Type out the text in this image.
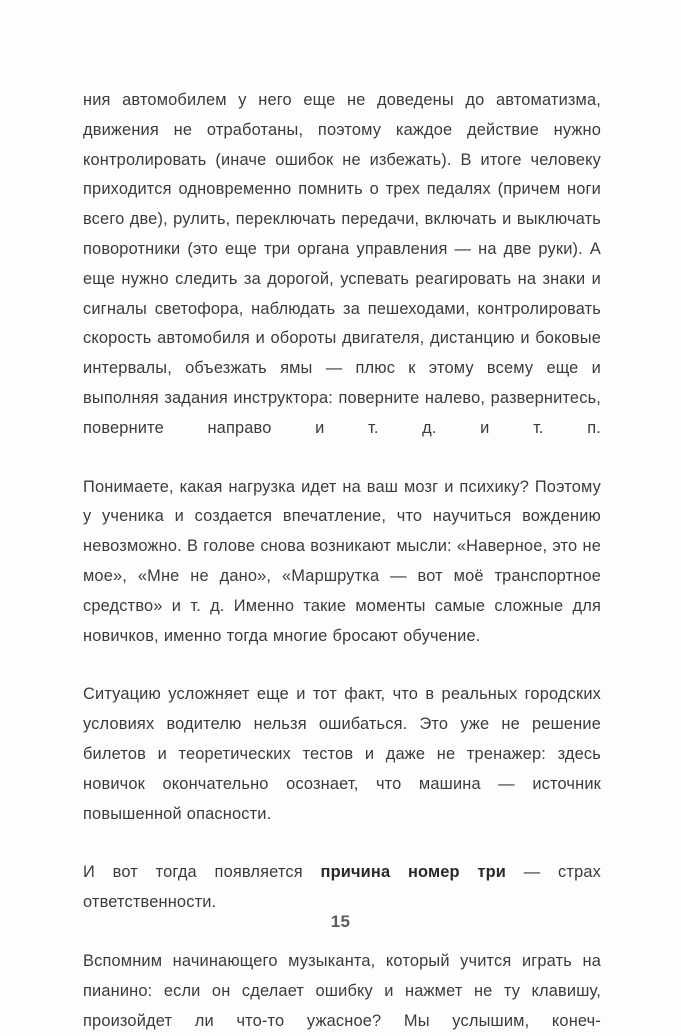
ния автомобилем у него еще не доведены до автоматизма, движения не отработаны, поэтому каждое действие нужно контролировать (иначе ошибок не избежать). В итоге человеку приходится одновременно помнить о трех педалях (причем ноги всего две), рулить, переключать передачи, включать и выключать поворотники (это еще три органа управления — на две руки). А еще нужно следить за дорогой, успевать реагировать на знаки и сигналы светофора, наблюдать за пешеходами, контролировать скорость автомобиля и обороты двигателя, дистанцию и боковые интервалы, объезжать ямы — плюс к этому всему еще и выполняя задания инструктора: поверните налево, развернитесь, поверните направо и т. д. и т. п.

Понимаете, какая нагрузка идет на ваш мозг и психику? Поэтому у ученика и создается впечатление, что научиться вождению невозможно. В голове снова возникают мысли: «Наверное, это не мое», «Мне не дано», «Маршрутка — вот моё транспортное средство» и т. д. Именно такие моменты самые сложные для новичков, именно тогда многие бросают обучение.

Ситуацию усложняет еще и тот факт, что в реальных городских условиях водителю нельзя ошибаться. Это уже не решение билетов и теоретических тестов и даже не тренажер: здесь новичок окончательно осознает, что машина — источник повышенной опасности.

И вот тогда появляется причина номер три — страх ответственности.

Вспомним начинающего музыканта, который учится играть на пианино: если он сделает ошибку и нажмет не ту клавишу, произойдет ли что-то ужасное? Мы услышим, конеч-

15
